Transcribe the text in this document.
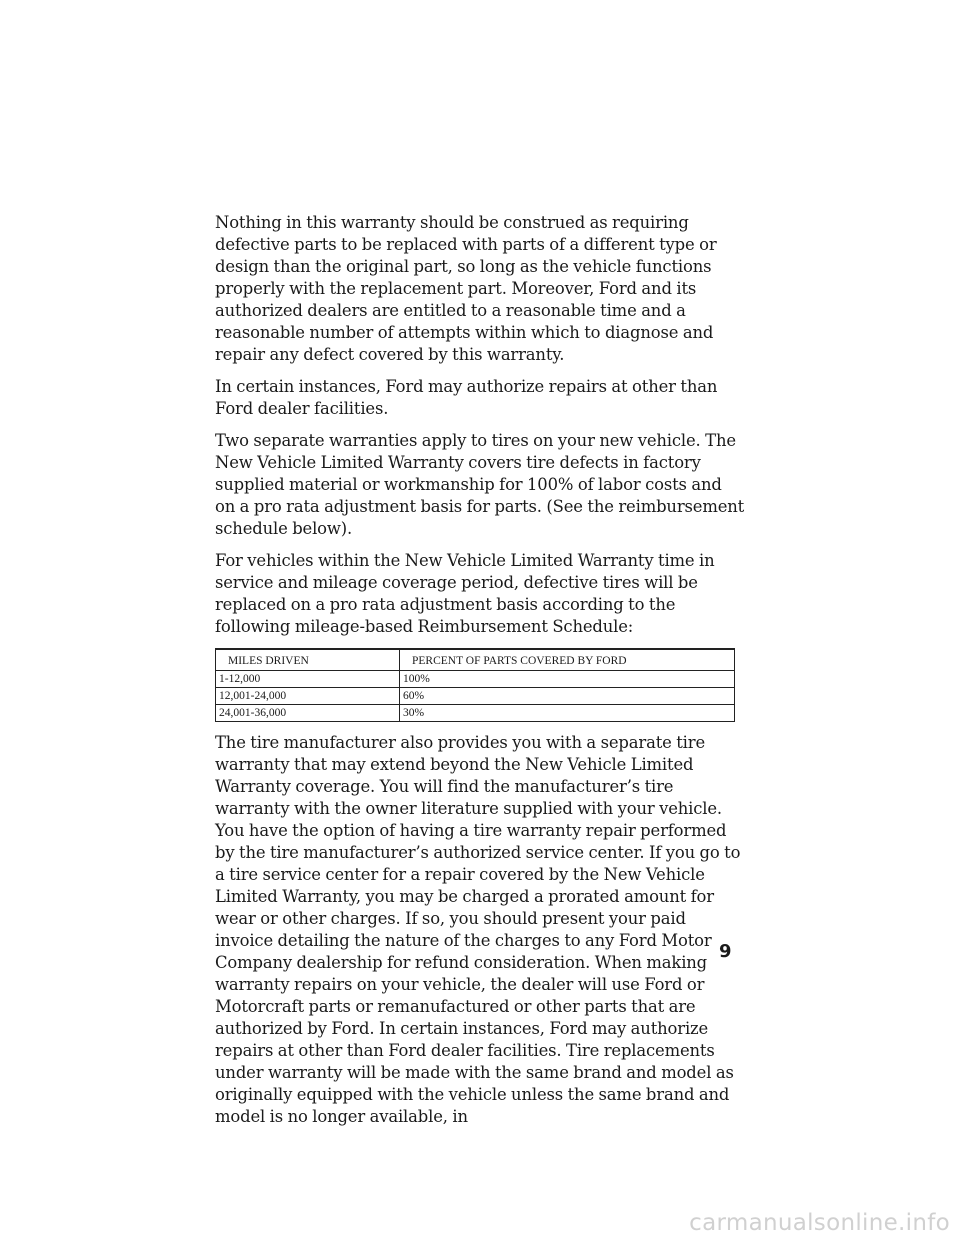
Nothing in this warranty should be construed as requiring defective parts to be replaced with parts of a different type or design than the original part, so long as the vehicle functions properly with the replacement part. Moreover, Ford and its authorized dealers are entitled to a reasonable time and a reasonable number of attempts within which to diagnose and repair any defect covered by this warranty.

In certain instances, Ford may authorize repairs at other than Ford dealer facilities.

Two separate warranties apply to tires on your new vehicle. The New Vehicle Limited Warranty covers tire defects in factory supplied material or workmanship for 100% of labor costs and on a pro rata adjustment basis for parts. (See the reimbursement schedule below).

For vehicles within the New Vehicle Limited Warranty time in service and mileage coverage period, defective tires will be replaced on a pro rata adjustment basis according to the following mileage-based Reimbursement Schedule:

MILES DRIVEN	PERCENT OF PARTS COVERED BY FORD
1-12,000	100%
12,001-24,000	60%
24,001-36,000	30%

The tire manufacturer also provides you with a separate tire warranty that may extend beyond the New Vehicle Limited Warranty coverage. You will find the manufacturer’s tire warranty with the owner literature supplied with your vehicle. You have the option of having a tire warranty repair performed by the tire manufacturer’s authorized service center. If you go to a tire service center for a repair covered by the New Vehicle Limited Warranty, you may be charged a prorated amount for wear or other charges. If so, you should present your paid invoice detailing the nature of the charges to any Ford Motor Company dealership for refund consideration. When making warranty repairs on your vehicle, the dealer will use Ford or Motorcraft parts or remanufactured or other parts that are authorized by Ford. In certain instances, Ford may authorize repairs at other than Ford dealer facilities. Tire replacements under warranty will be made with the same brand and model as originally equipped with the vehicle unless the same brand and model is no longer available, in

9
carmanualsonline.info
